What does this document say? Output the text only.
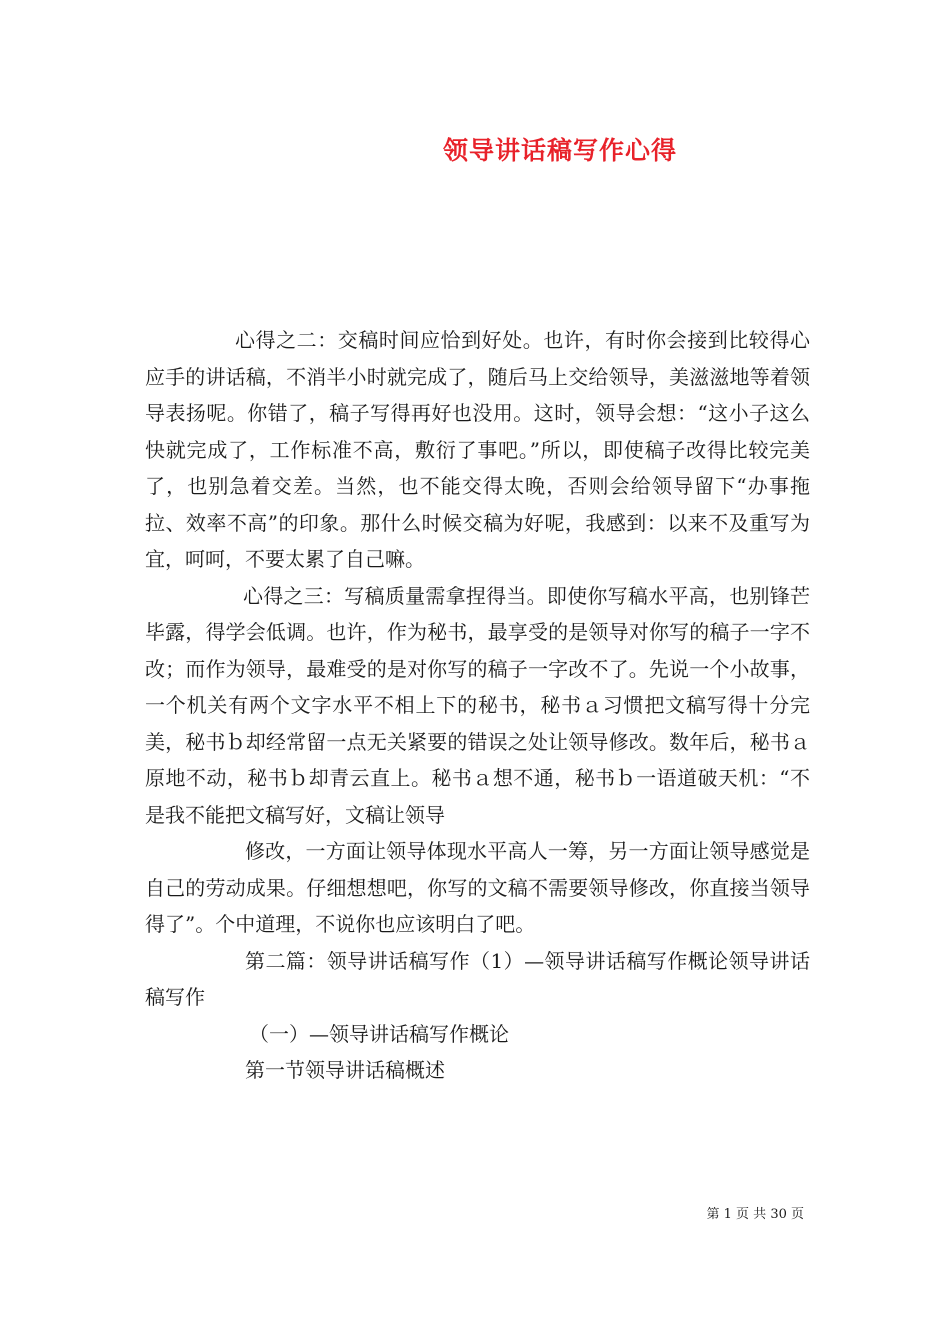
领导讲话稿写作心得

心得之二：交稿时间应恰到好处。也许，有时你会接到比较得心应手的讲话稿，不消半小时就完成了，随后马上交给领导，美滋滋地等着领导表扬呢。你错了，稿子写得再好也没用。这时，领导会想：“这小子这么快就完成了，工作标准不高，敷衍了事吧。”所以，即使稿子改得比较完美了，也别急着交差。当然，也不能交得太晚，否则会给领导留下“办事拖拉、效率不高”的印象。那什么时候交稿为好呢，我感到：以来不及重写为宜，呵呵，不要太累了自己嘛。

心得之三：写稿质量需拿捏得当。即使你写稿水平高，也别锋芒毕露，得学会低调。也许，作为秘书，最享受的是领导对你写的稿子一字不改；而作为领导，最难受的是对你写的稿子一字改不了。先说一个小故事，一个机关有两个文字水平不相上下的秘书，秘书ａ习惯把文稿写得十分完美，秘书ｂ却经常留一点无关紧要的错误之处让领导修改。数年后，秘书ａ原地不动，秘书ｂ却青云直上。秘书ａ想不通，秘书ｂ一语道破天机：“不是我不能把文稿写好，文稿让领导

修改，一方面让领导体现水平高人一筹，另一方面让领导感觉是自己的劳动成果。仔细想想吧，你写的文稿不需要领导修改，你直接当领导得了”。个中道理，不说你也应该明白了吧。

第二篇：领导讲话稿写作（1）—领导讲话稿写作概论领导讲话稿写作

（一）—领导讲话稿写作概论

第一节领导讲话稿概述

第 1 页 共 30 页
